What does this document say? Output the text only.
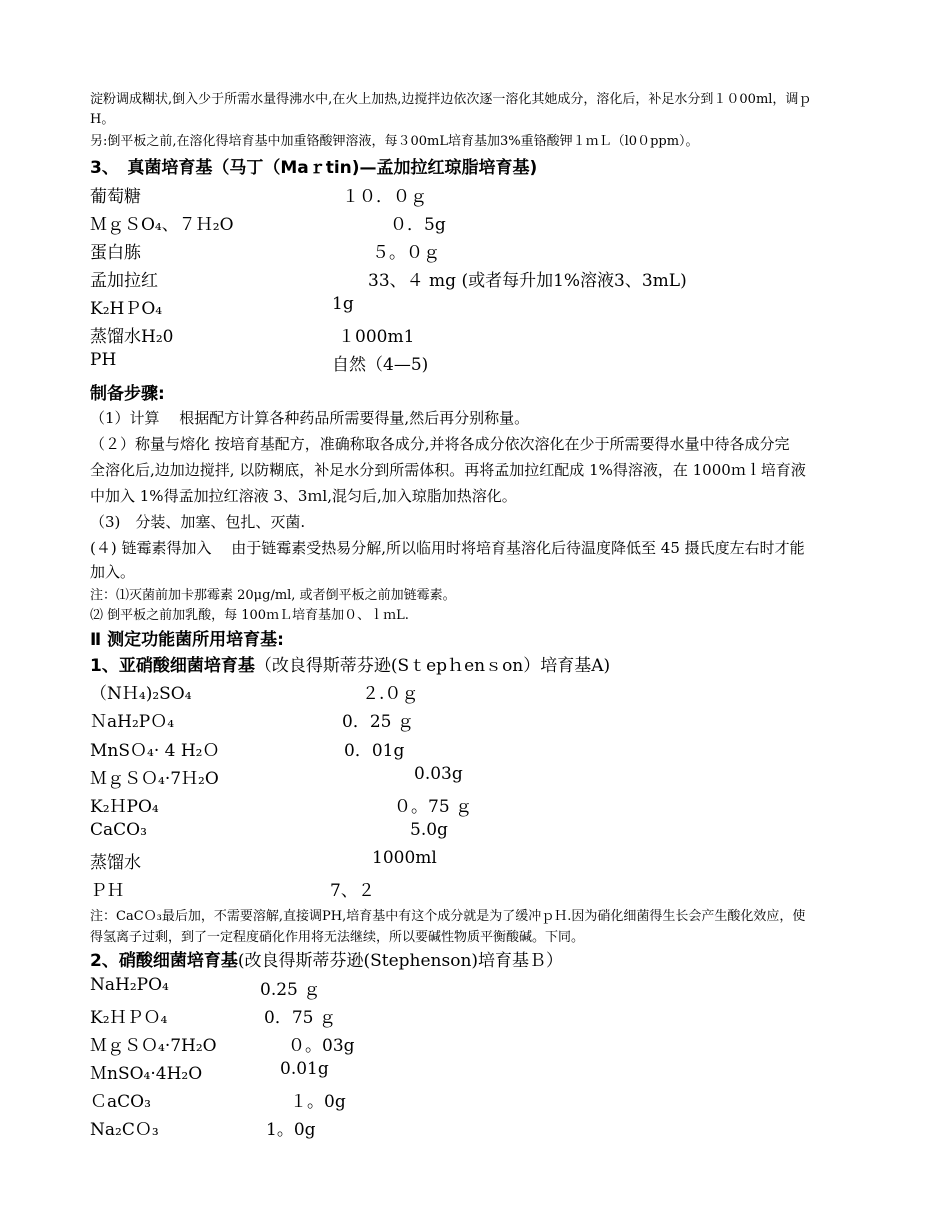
淀粉调成糊状,倒入少于所需水量得沸水中,在火上加热,边搅拌边依次逐一溶化其她成分，溶化后，补足水分到１０00ml，调ｐ
H。
另:倒平板之前,在溶化得培育基中加重铬酸钾溶液，每３00mL培育基加3%重铬酸钾１ｍＬ（l0０ppm）。
3、　真菌培育基（马丁（Maｒtin)—孟加拉红琼脂培育基)
葡萄糖	１０．０ｇ
ＭｇＳO₄、７Ｈ₂O	０．5g
蛋白胨	５。０ｇ
孟加拉红	33、４ mg (或者每升加1%溶液3、3mL)
K₂HＰO₄	1g
蒸馏水H₂0	１000m1
PH	自然（4—5)
制备步骤:
（1）计算　 根据配方计算各种药品所需要得量,然后再分别称量。
（２）称量与熔化 按培育基配方，准确称取各成分,并将各成分依次溶化在少于所需要得水量中待各成分完
全溶化后,边加边搅拌, 以防糊底，补足水分到所需体积。再将孟加拉红配成 1%得溶液，在 1000ｍｌ培育液
中加入 1%得孟加拉红溶液 3、3ｍl,混匀后,加入琼脂加热溶化。
（3)　分装、加塞、包扎、灭菌.
(４) 链霉素得加入　 由于链霉素受热易分解,所以临用时将培育基溶化后待温度降低至 45 摄氏度左右时才能
加入。
注：⑴灭菌前加卡那霉素 20μg/ml, 或者倒平板之前加链霉素。
⑵ 倒平板之前加乳酸，每 100ｍＬ培育基加０、ｌｍL.
Ⅱ 测定功能菌所用培育基:
1、亚硝酸细菌培育基（改良得斯蒂芬逊(Sｔepｈenｓon）培育基A)
（NＨ₄)₂SO₄	２.０ｇ
ＮaH₂PＯ₄	0．25 ｇ
MnSＯ₄· 4 H₂Ｏ	0．01g
ＭｇＳＯ₄·7Ｈ₂O	0.03g
K₂ＨPO₄	０。75 ｇ
CaCO₃	5.0g
蒸馏水	1000ml
ＰＨ	7、２
注：CaCＯ₃最后加，不需要溶解,直接调PH,培育基中有这个成分就是为了缓冲ｐＨ.因为硝化细菌得生长会产生酸化效应，使
得氢离子过剩，到了一定程度硝化作用将无法继续，所以要碱性物质平衡酸碱。下同。
2、硝酸细菌培育基(改良得斯蒂芬逊(Stephenson)培育基Ｂ）
NaH₂PO₄	0.25 ｇ
K₂ＨＰＯ₄	0．75 ｇ
ＭｇＳＯ₄·7H₂O	０。03g
ＭnSO₄·4H₂O	0.01g
ＣaCO₃	１。0g
Na₂CＯ₃	1。0g
